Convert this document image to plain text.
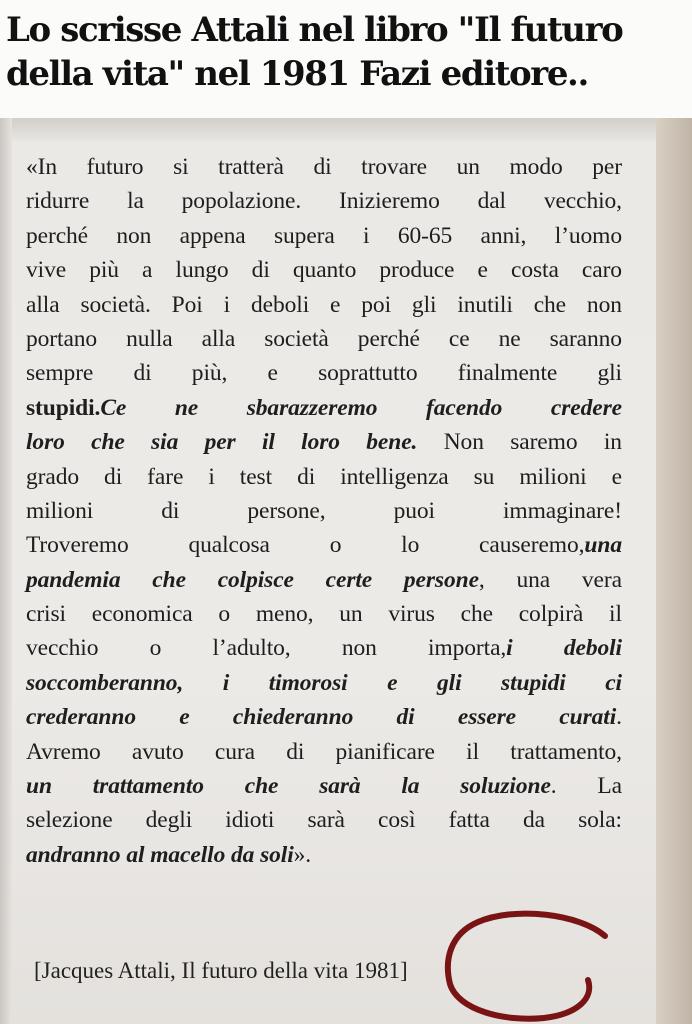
Lo scrisse Attali nel libro "Il futuro
della vita" nel 1981 Fazi editore..
«In futuro si tratterà di trovare un modo per
ridurre la popolazione. Inizieremo dal vecchio,
perché non appena supera i 60-65 anni, l’uomo
vive più a lungo di quanto produce e costa caro
alla società. Poi i deboli e poi gli inutili che non
portano nulla alla società perché ce ne saranno
sempre di più, e soprattutto finalmente gli
stupidi.Ce ne sbarazzeremo facendo credere
loro che sia per il loro bene. Non saremo in
grado di fare i test di intelligenza su milioni e
milioni	di	persone,	puoi	immaginare!
Troveremo	qualcosa	o	lo	causeremo,una
pandemia che colpisce certe persone, una vera
crisi economica o meno, un virus che colpirà il
vecchio o l’adulto, non importa,i deboli
soccomberanno, i timorosi e gli stupidi ci
crederanno e chiederanno di essere curati.
Avremo avuto cura di pianificare il trattamento,
un trattamento che sarà la soluzione. La
selezione degli idioti sarà così fatta da sola:
andranno
al
macello
da
soli».

[Jacques Attali, Il futuro della vita 1981]
